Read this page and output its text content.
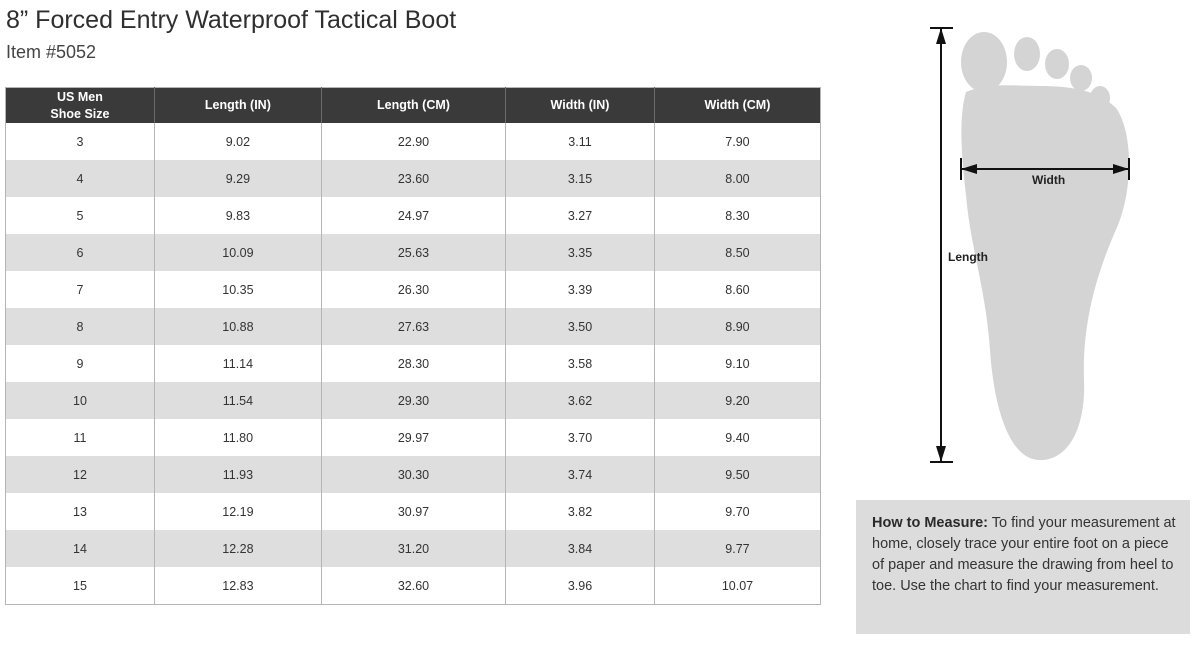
8” Forced Entry Waterproof Tactical Boot
Item #5052
US Men
Shoe Size	Length (IN)	Length (CM)	Width (IN)	Width (CM)
3	9.02	22.90	3.11	7.90
4	9.29	23.60	3.15	8.00
5	9.83	24.97	3.27	8.30
6	10.09	25.63	3.35	8.50
7	10.35	26.30	3.39	8.60
8	10.88	27.63	3.50	8.90
9	11.14	28.30	3.58	9.10
10	11.54	29.30	3.62	9.20
11	11.80	29.97	3.70	9.40
12	11.93	30.30	3.74	9.50
13	12.19	30.97	3.82	9.70
14	12.28	31.20	3.84	9.77
15	12.83	32.60	3.96	10.07
Length
Width
How to Measure: To find your measurement at home, closely trace your entire foot on a piece of paper and measure the drawing from heel to toe. Use the chart to find your measurement.
